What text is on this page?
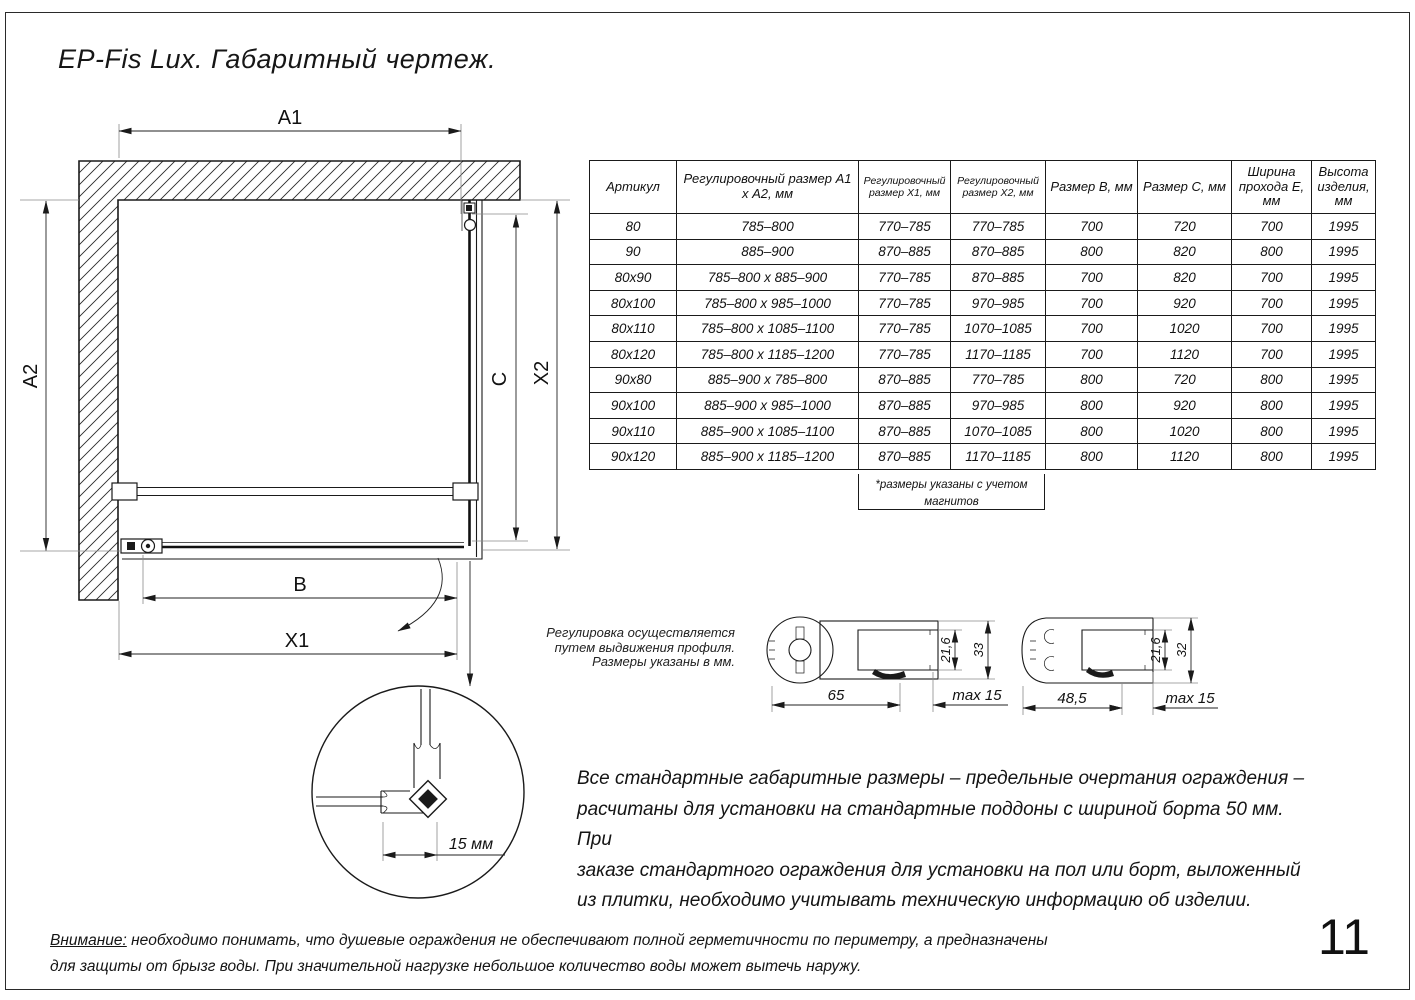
EP-Fis Lux. Габаритный чертеж.
A1
B
X1
A2	C X2
15 мм
65	max 15
21,6 33
48,5	max 15
21,6 32
Артикул	Регулировочный размер А1 х А2, мм	Регулировочный размер Х1, мм	Регулировочный размер Х2, мм	Размер В, мм	Размер С, мм	Ширина прохода Е, мм	Высота изделия, мм
80	785–800	770–785	770–785	700	720	700	1995
90	885–900	870–885	870–885	800	820	800	1995
80х90	785–800 х 885–900	770–785	870–885	700	820	700	1995
80х100	785–800 х 985–1000	770–785	970–985	700	920	700	1995
80х110	785–800 х 1085–1100	770–785	1070–1085	700	1020	700	1995
80х120	785–800 х 1185–1200	770–785	1170–1185	700	1120	700	1995
90х80	885–900 х 785–800	870–885	770–785	800	720	800	1995
90х100	885–900 х 985–1000	870–885	970–985	800	920	800	1995
90х110	885–900 х 1085–1100	870–885	1070–1085	800	1020	800	1995
90х120	885–900 х 1185–1200	870–885	1170–1185	800	1120	800	1995
*размеры указаны с учетом магнитов
Регулировка осуществляется
путем выдвижения профиля.
Размеры указаны в мм.
Все стандартные габаритные размеры – предельные очертания ограждения –
расчитаны для установки на стандартные поддоны с шириной борта 50 мм. При
заказе стандартного ограждения для установки на пол или борт, выложенный
из плитки, необходимо учитывать техническую информацию об изделии.
Внимание: необходимо понимать, что душевые ограждения не обеспечивают полной герметичности по периметру, а предназначены
для защиты от брызг воды. При значительной нагрузке небольшое количество воды может вытечь наружу.
11
